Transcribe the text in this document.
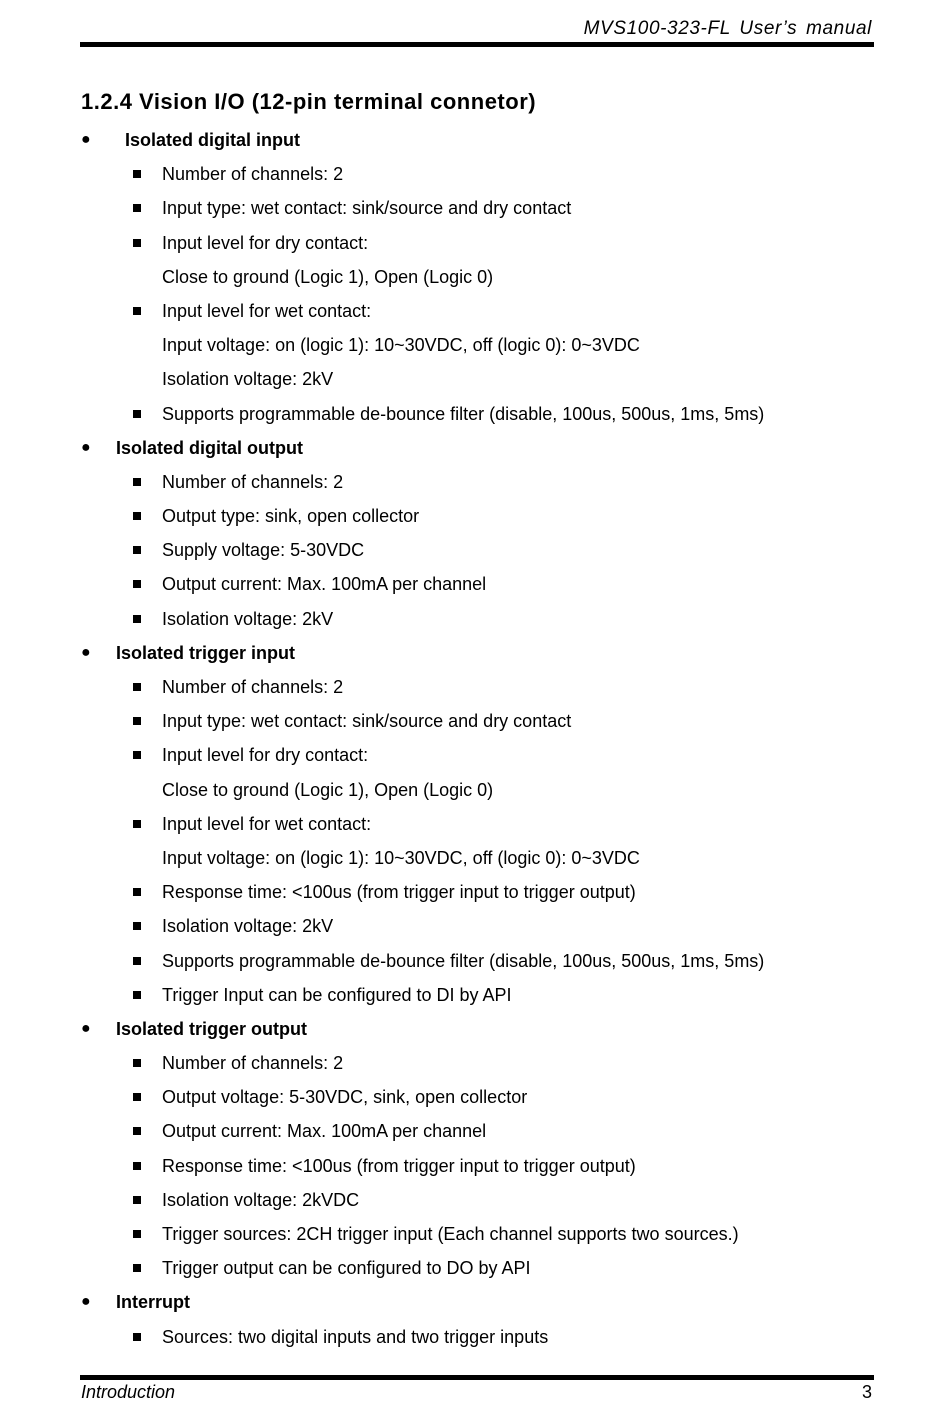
MVS100-323-FL User’s manual
1.2.4 Vision I/O (12-pin terminal connetor)
● Isolated digital input
Number of channels: 2
Input type: wet contact: sink/source and dry contact
Input level for dry contact:
Close to ground (Logic 1), Open (Logic 0)
Input level for wet contact:
Input voltage: on (logic 1): 10~30VDC, off (logic 0): 0~3VDC
Isolation voltage: 2kV
Supports programmable de-bounce filter (disable, 100us, 500us, 1ms, 5ms)
● Isolated digital output
Number of channels: 2
Output type: sink, open collector
Supply voltage: 5-30VDC
Output current: Max. 100mA per channel
Isolation voltage: 2kV
● Isolated trigger input
Number of channels: 2
Input type: wet contact: sink/source and dry contact
Input level for dry contact:
Close to ground (Logic 1), Open (Logic 0)
Input level for wet contact:
Input voltage: on (logic 1): 10~30VDC, off (logic 0): 0~3VDC
Response time: <100us (from trigger input to trigger output)
Isolation voltage: 2kV
Supports programmable de-bounce filter (disable, 100us, 500us, 1ms, 5ms)
Trigger Input can be configured to DI by API
● Isolated trigger output
Number of channels: 2
Output voltage: 5-30VDC, sink, open collector
Output current: Max. 100mA per channel
Response time: <100us (from trigger input to trigger output)
Isolation voltage: 2kVDC
Trigger sources: 2CH trigger input (Each channel supports two sources.)
Trigger output can be configured to DO by API
● Interrupt
Sources: two digital inputs and two trigger inputs
Introduction	3
